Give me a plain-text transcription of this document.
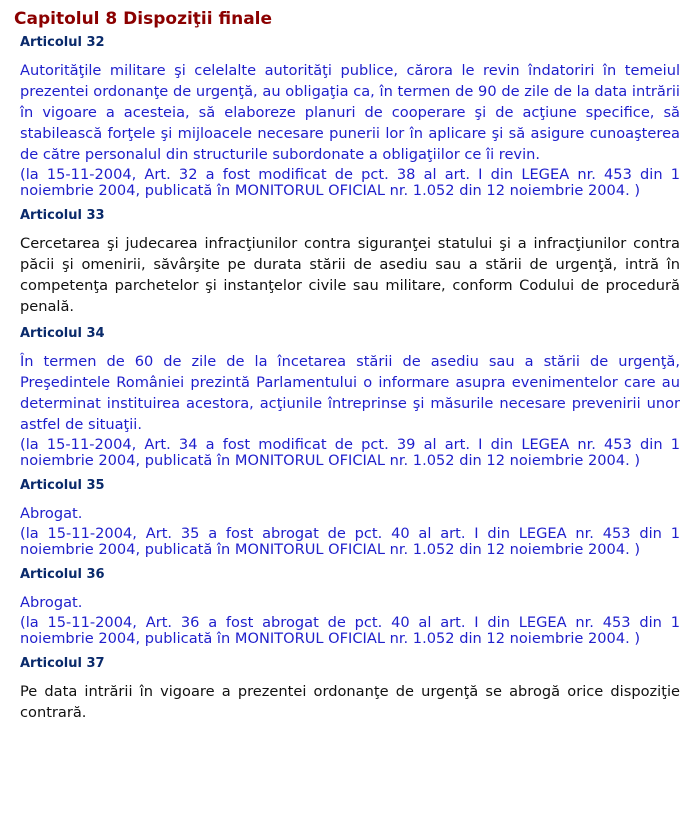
Capitolul 8 Dispoziţii finale
Articolul 32
Autorităţile militare şi celelalte autorităţi publice, cărora le revin îndatoriri în temeiul prezentei ordonanţe de urgenţă, au obligaţia ca, în termen de 90 de zile de la data intrării în vigoare a acesteia, să elaboreze planuri de cooperare şi de acţiune specifice, să stabilească forţele şi mijloacele necesare punerii lor în aplicare şi să asigure cunoaşterea de către personalul din structurile subordonate a obligaţiilor ce îi revin.
(la 15-11-2004, Art. 32 a fost modificat de pct. 38 al art. I din LEGEA nr. 453 din 1 noiembrie 2004, publicată în MONITORUL OFICIAL nr. 1.052 din 12 noiembrie 2004. )
Articolul 33
Cercetarea şi judecarea infracţiunilor contra siguranţei statului şi a infracţiunilor contra păcii şi omenirii, săvârşite pe durata stării de asediu sau a stării de urgenţă, intră în competenţa parchetelor şi instanţelor civile sau militare, conform Codului de procedură penală.
Articolul 34
În termen de 60 de zile de la încetarea stării de asediu sau a stării de urgenţă, Preşedintele României prezintă Parlamentului o informare asupra evenimentelor care au determinat instituirea acestora, acţiunile întreprinse şi măsurile necesare prevenirii unor astfel de situaţii.
(la 15-11-2004, Art. 34 a fost modificat de pct. 39 al art. I din LEGEA nr. 453 din 1 noiembrie 2004, publicată în MONITORUL OFICIAL nr. 1.052 din 12 noiembrie 2004. )
Articolul 35
Abrogat.
(la 15-11-2004, Art. 35 a fost abrogat de pct. 40 al art. I din LEGEA nr. 453 din 1 noiembrie 2004, publicată în MONITORUL OFICIAL nr. 1.052 din 12 noiembrie 2004. )
Articolul 36
Abrogat.
(la 15-11-2004, Art. 36 a fost abrogat de pct. 40 al art. I din LEGEA nr. 453 din 1 noiembrie 2004, publicată în MONITORUL OFICIAL nr. 1.052 din 12 noiembrie 2004. )
Articolul 37
Pe data intrării în vigoare a prezentei ordonanţe de urgenţă se abrogă orice dispoziţie contrară.
